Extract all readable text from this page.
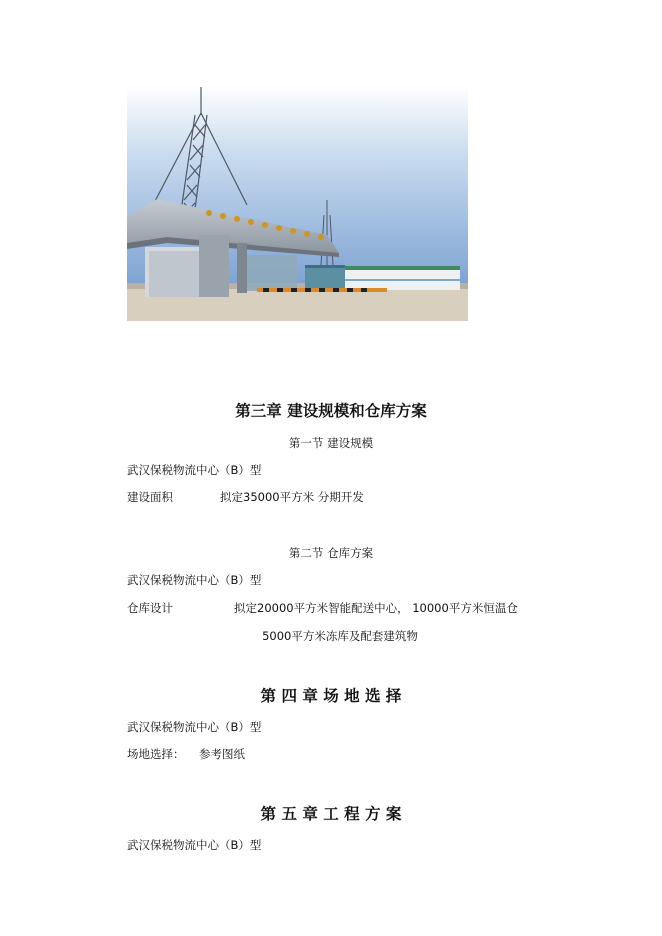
第三章 建设规模和仓库方案

第一节 建设规模

武汉保税物流中心（B）型

建设面积	拟定35000平方米 分期开发

第二节 仓库方案

武汉保税物流中心（B）型

仓库设计	拟定20000平方米智能配送中心， 10000平方米恒温仓

5000平方米冻库及配套建筑物

第 四 章 场 地 选 择

武汉保税物流中心（B）型

场地选择： 参考图纸

第 五 章 工 程 方 案

武汉保税物流中心（B）型
